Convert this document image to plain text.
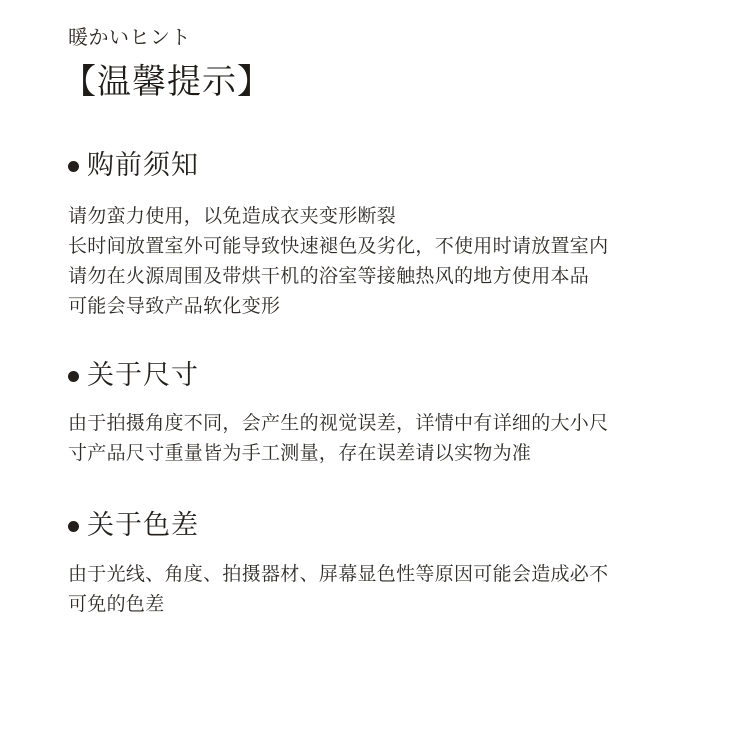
暖かいヒント
【温馨提示】
购前须知
请勿蛮力使用，以免造成衣夹变形断裂
长时间放置室外可能导致快速褪色及劣化，不使用时请放置室内
请勿在火源周围及带烘干机的浴室等接触热风的地方使用本品
可能会导致产品软化变形
关于尺寸
由于拍摄角度不同，会产生的视觉误差，详情中有详细的大小尺
寸产品尺寸重量皆为手工测量，存在误差请以实物为准
关于色差
由于光线、角度、拍摄器材、屏幕显色性等原因可能会造成必不
可免的色差
